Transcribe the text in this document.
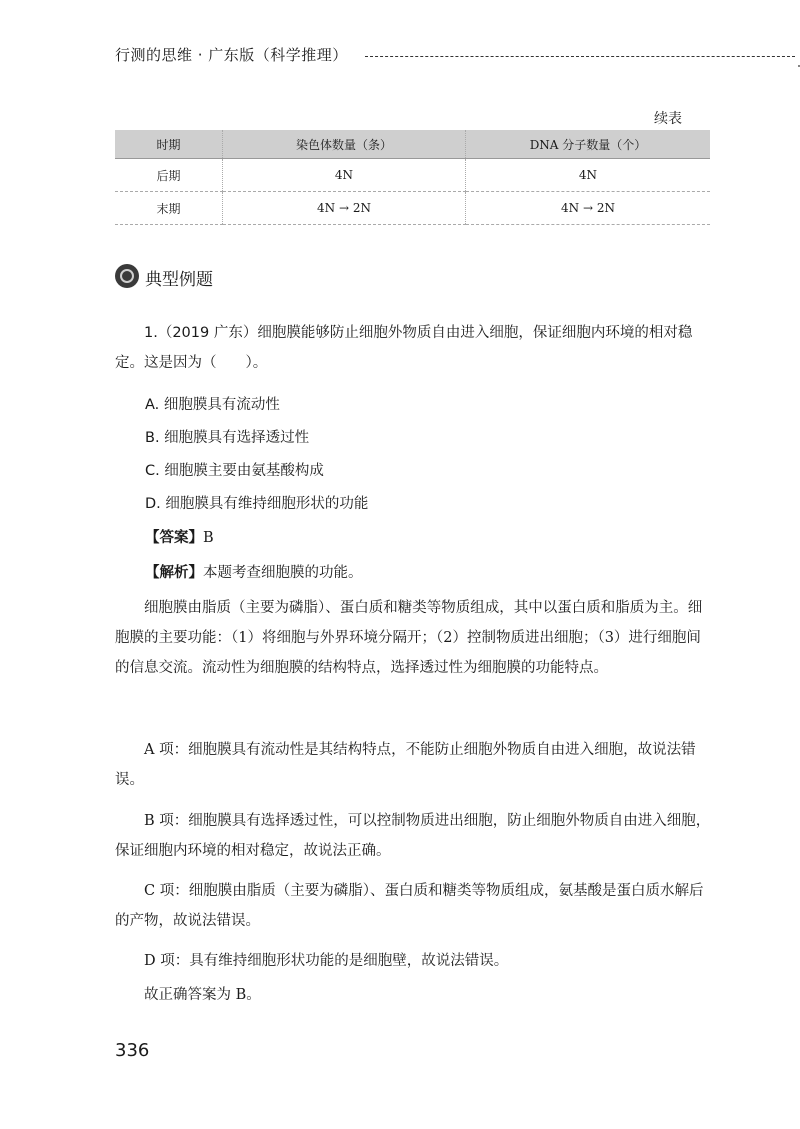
行测的思维 · 广东版（科学推理）
续表
时期	染色体数量（条）	DNA 分子数量（个）
后期	4N	4N
末期	4N → 2N	4N → 2N
典型例题

1.（2019 广东）细胞膜能够防止细胞外物质自由进入细胞，保证细胞内环境的相对稳定。这是因为（　　）。

A. 细胞膜具有流动性

B. 细胞膜具有选择透过性

C. 细胞膜主要由氨基酸构成

D. 细胞膜具有维持细胞形状的功能

【答案】B

【解析】本题考查细胞膜的功能。

细胞膜由脂质（主要为磷脂）、蛋白质和糖类等物质组成，其中以蛋白质和脂质为主。细胞膜的主要功能：（1）将细胞与外界环境分隔开；（2）控制物质进出细胞；（3）进行细胞间的信息交流。流动性为细胞膜的结构特点，选择透过性为细胞膜的功能特点。

A 项：细胞膜具有流动性是其结构特点，不能防止细胞外物质自由进入细胞，故说法错误。

B 项：细胞膜具有选择透过性，可以控制物质进出细胞，防止细胞外物质自由进入细胞，保证细胞内环境的相对稳定，故说法正确。

C 项：细胞膜由脂质（主要为磷脂）、蛋白质和糖类等物质组成，氨基酸是蛋白质水解后的产物，故说法错误。

D 项：具有维持细胞形状功能的是细胞壁，故说法错误。

故正确答案为 B。

336
